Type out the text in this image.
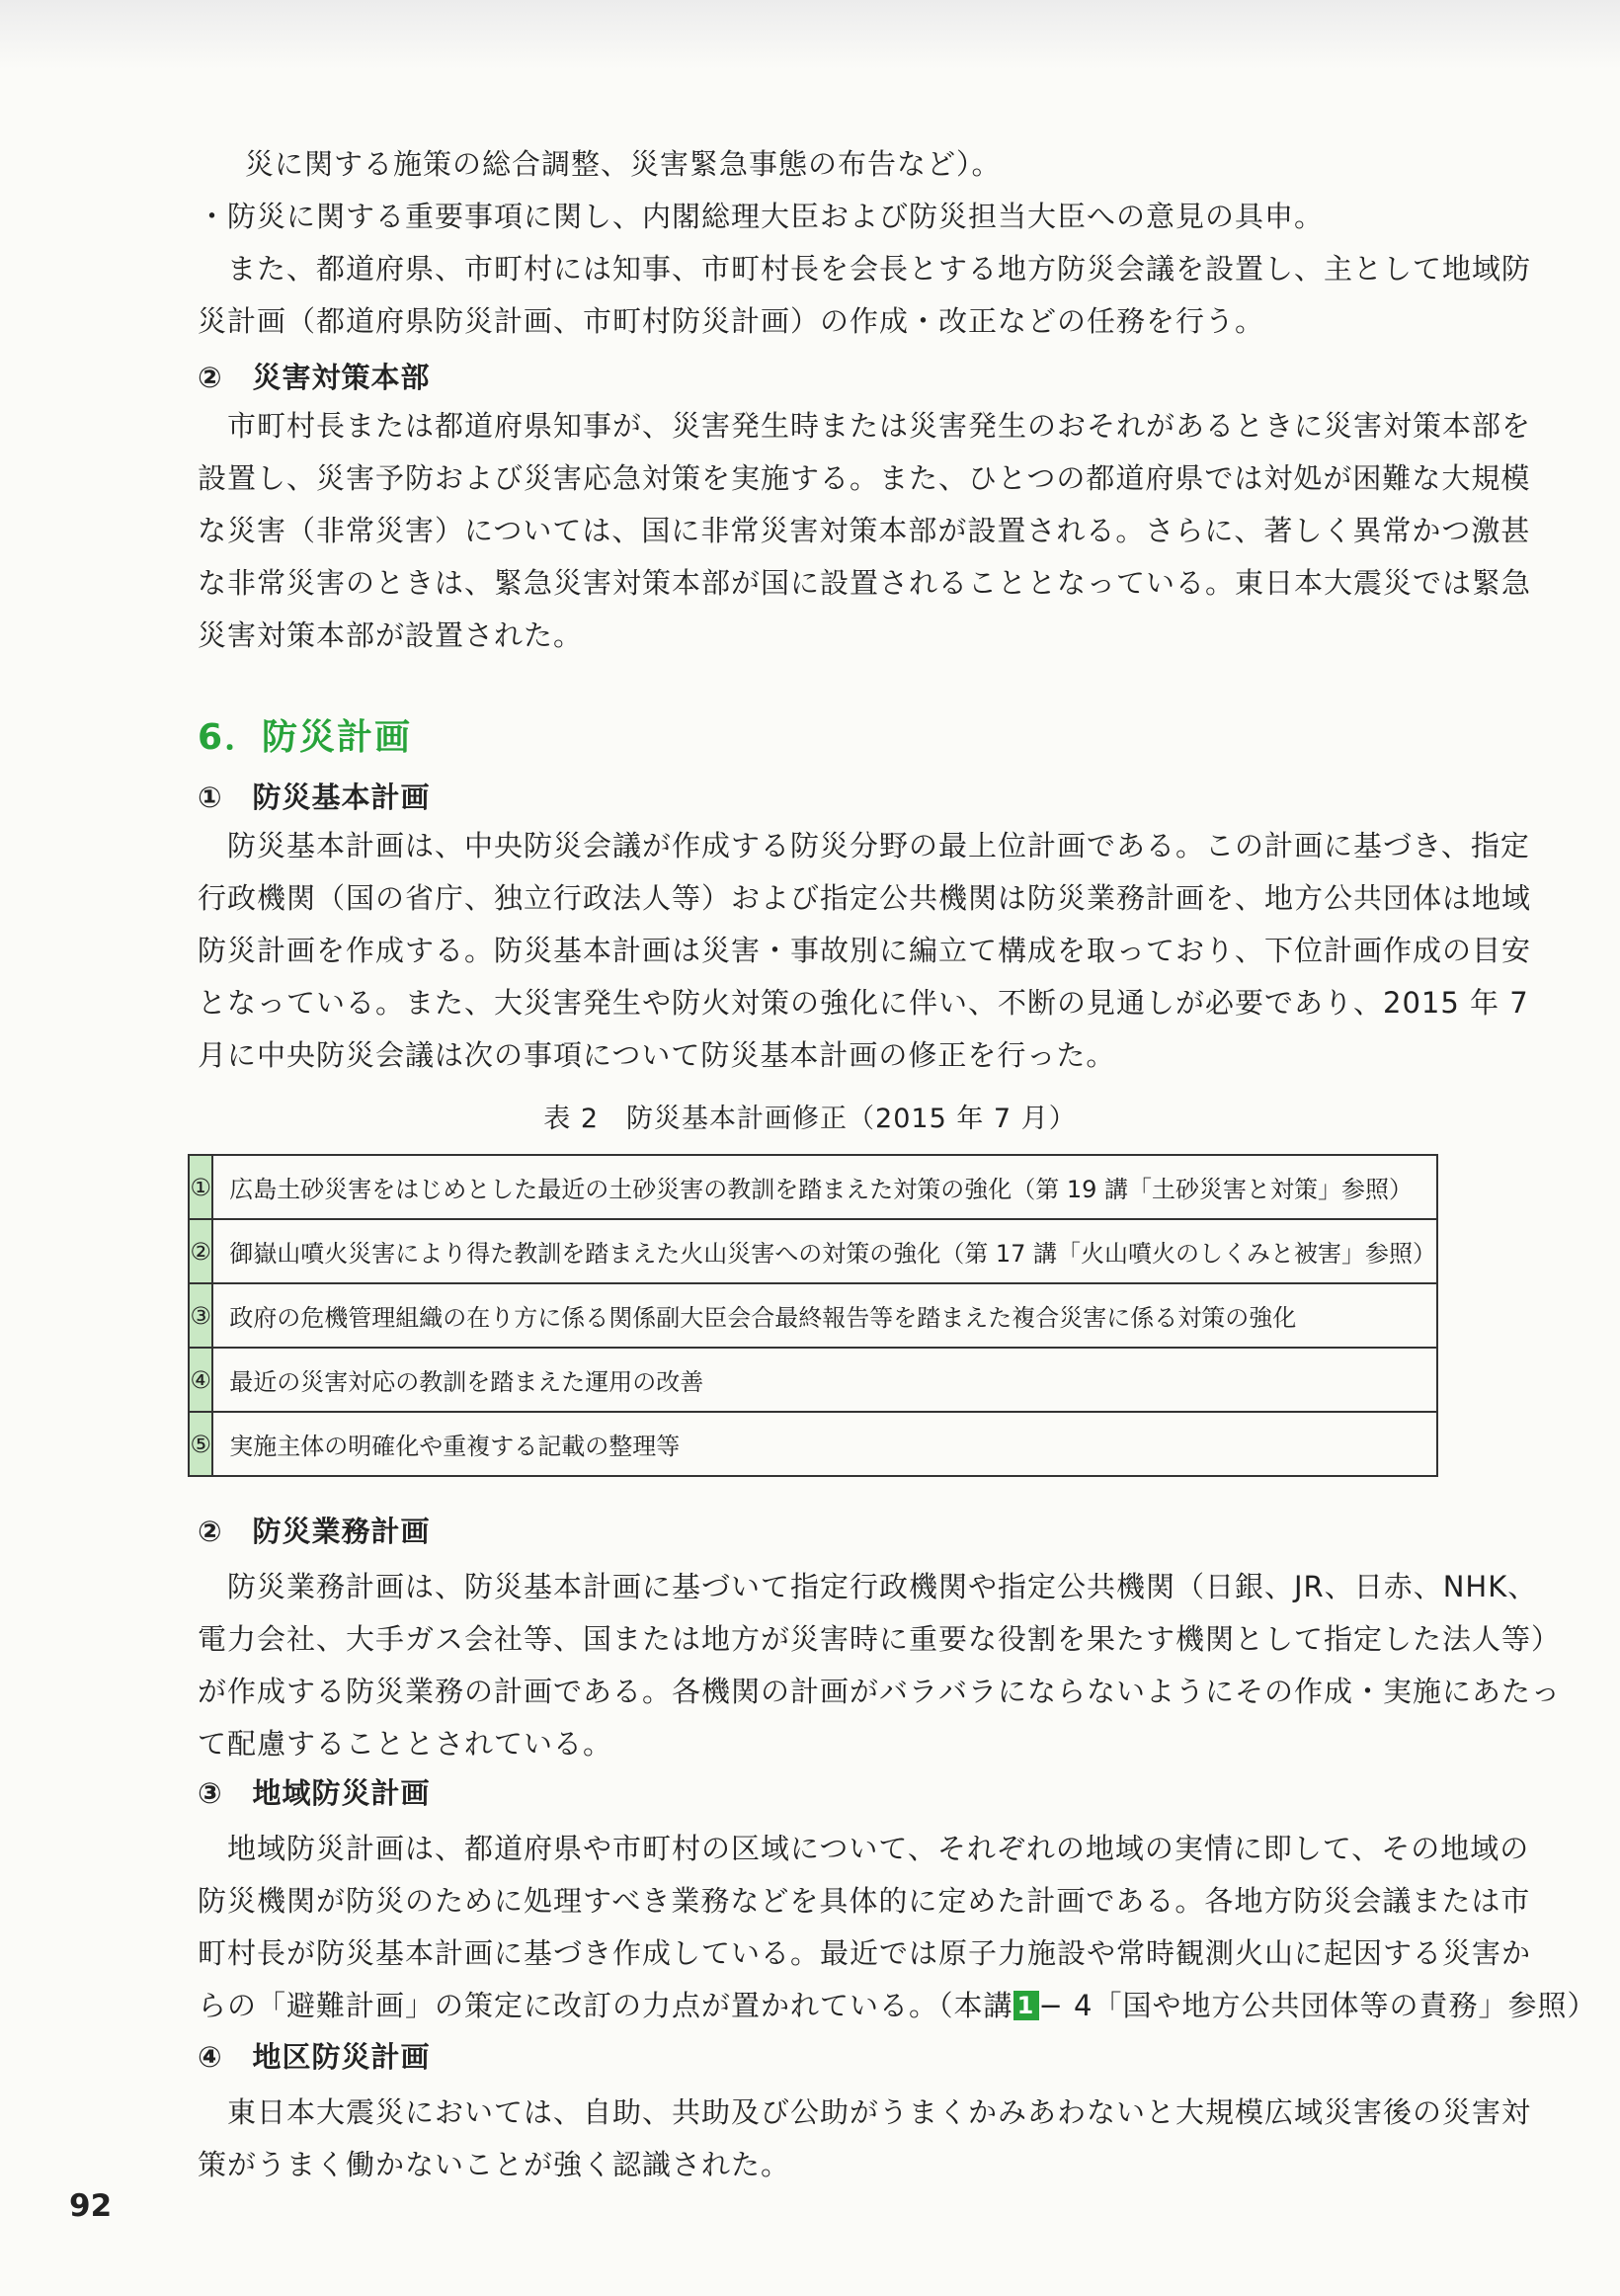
災に関する施策の総合調整、災害緊急事態の布告など）。
・防災に関する重要事項に関し、内閣総理大臣および防災担当大臣への意見の具申。
　また、都道府県、市町村には知事、市町村長を会長とする地方防災会議を設置し、主として地域防
災計画（都道府県防災計画、市町村防災計画）の作成・改正などの任務を行う。

②　災害対策本部

　市町村長または都道府県知事が、災害発生時または災害発生のおそれがあるときに災害対策本部を
設置し、災害予防および災害応急対策を実施する。また、ひとつの都道府県では対処が困難な大規模
な災害（非常災害）については、国に非常災害対策本部が設置される。さらに、著しく異常かつ激甚
な非常災害のときは、緊急災害対策本部が国に設置されることとなっている。東日本大震災では緊急
災害対策本部が設置された。
6．防災計画

①　防災基本計画

　防災基本計画は、中央防災会議が作成する防災分野の最上位計画である。この計画に基づき、指定
行政機関（国の省庁、独立行政法人等）および指定公共機関は防災業務計画を、地方公共団体は地域
防災計画を作成する。防災基本計画は災害・事故別に編立て構成を取っており、下位計画作成の目安
となっている。また、大災害発生や防火対策の強化に伴い、不断の見通しが必要であり、2015 年 7
月に中央防災会議は次の事項について防災基本計画の修正を行った。
表 2　防災基本計画修正（2015 年 7 月）
①	広島土砂災害をはじめとした最近の土砂災害の教訓を踏まえた対策の強化（第 19 講「土砂災害と対策」参照）
②	御嶽山噴火災害により得た教訓を踏まえた火山災害への対策の強化（第 17 講「火山噴火のしくみと被害」参照）
③	政府の危機管理組織の在り方に係る関係副大臣会合最終報告等を踏まえた複合災害に係る対策の強化
④	最近の災害対応の教訓を踏まえた運用の改善
⑤	実施主体の明確化や重複する記載の整理等

②　防災業務計画

　防災業務計画は、防災基本計画に基づいて指定行政機関や指定公共機関（日銀、JR、日赤、NHK、
電力会社、大手ガス会社等、国または地方が災害時に重要な役割を果たす機関として指定した法人等）
が作成する防災業務の計画である。各機関の計画がバラバラにならないようにその作成・実施にあたっ
て配慮することとされている。

③　地域防災計画

　地域防災計画は、都道府県や市町村の区域について、それぞれの地域の実情に即して、その地域の
防災機関が防災のために処理すべき業務などを具体的に定めた計画である。各地方防災会議または市
町村長が防災基本計画に基づき作成している。最近では原子力施設や常時観測火山に起因する災害か
らの「避難計画」の策定に改訂の力点が置かれている。（本講 1 − 4「国や地方公共団体等の責務」参照）

④　地区防災計画

　東日本大震災においては、自助、共助及び公助がうまくかみあわないと大規模広域災害後の災害対
策がうまく働かないことが強く認識された。
92
